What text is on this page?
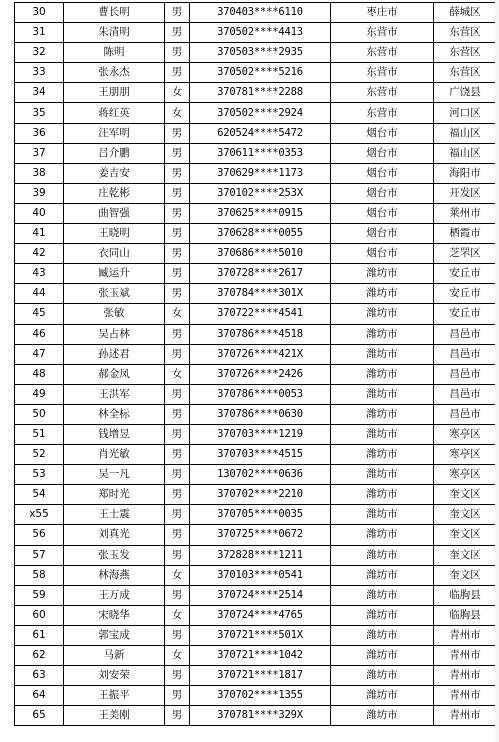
30	曹长明	男	370403****6110	枣庄市	薛城区
31	朱清明	男	370502****4413	东营市	东营区
32	陈明	男	370503****2935	东营市	东营区
33	张永杰	男	370502****5216	东营市	东营区
34	王朋朋	女	370781****2288	东营市	广饶县
35	蒋红英	女	370502****2924	东营市	河口区
36	汪军明	男	620524****5472	烟台市	福山区
37	吕介鹏	男	370611****0353	烟台市	福山区
38	姜吉安	男	370629****1173	烟台市	海阳市
39	庄乾彬	男	370102****253X	烟台市	开发区
40	曲智强	男	370625****0915	烟台市	莱州市
41	王晓明	男	370628****0055	烟台市	栖霞市
42	衣同山	男	370686****5010	烟台市	芝罘区
43	臧运升	男	370728****2617	潍坊市	安丘市
44	张玉斌	男	370784****301X	潍坊市	安丘市
45	张敏	女	370722****4541	潍坊市	安丘市
46	吴占林	男	370786****4518	潍坊市	昌邑市
47	孙述君	男	370726****421X	潍坊市	昌邑市
48	郝金凤	女	370726****2426	潍坊市	昌邑市
49	王洪军	男	370786****0053	潍坊市	昌邑市
50	林全标	男	370786****0630	潍坊市	昌邑市
51	钱增昱	男	370703****1219	潍坊市	寒亭区
52	肖光敏	男	370703****4515	潍坊市	寒亭区
53	吴一凡	男	130702****0636	潍坊市	寒亭区
54	郑时光	男	370702****2210	潍坊市	奎文区
x55	王士震	男	370705****0035	潍坊市	奎文区
56	刘真光	男	370725****0672	潍坊市	奎文区
57	张玉发	男	372828****1211	潍坊市	奎文区
58	林海燕	女	370103****0541	潍坊市	奎文区
59	王万成	男	370724****2514	潍坊市	临朐县
60	宋晓华	女	370724****4765	潍坊市	临朐县
61	郭宝成	男	370721****501X	潍坊市	青州市
62	马新	女	370721****1042	潍坊市	青州市
63	刘安荣	男	370721****1817	潍坊市	青州市
64	王振平	男	370702****1355	潍坊市	青州市
65	王美刚	男	370781****329X	潍坊市	青州市
